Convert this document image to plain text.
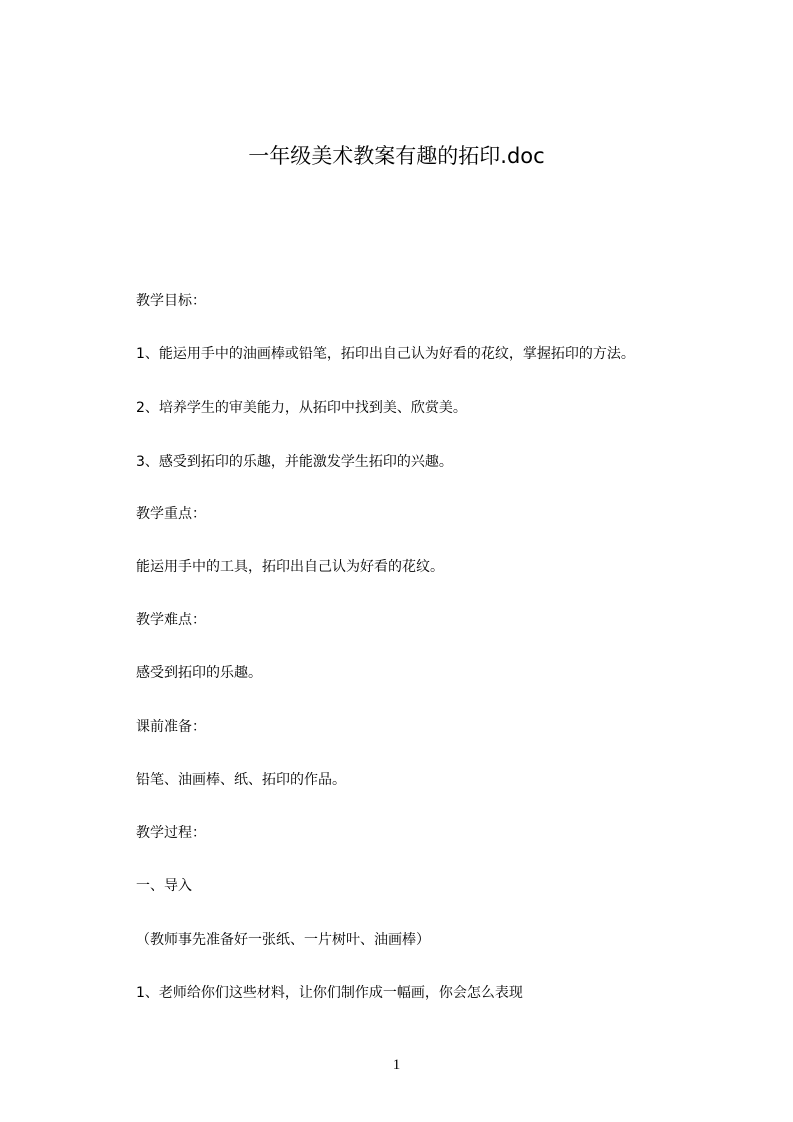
一年级美术教案有趣的拓印.doc
教学目标：
1、能运用手中的油画棒或铅笔，拓印出自己认为好看的花纹，掌握拓印的方法。
2、培养学生的审美能力，从拓印中找到美、欣赏美。
3、感受到拓印的乐趣，并能激发学生拓印的兴趣。
教学重点：
能运用手中的工具，拓印出自己认为好看的花纹。
教学难点：
感受到拓印的乐趣。
课前准备：
铅笔、油画棒、纸、拓印的作品。
教学过程：
一、导入
（教师事先准备好一张纸、一片树叶、油画棒）
1、老师给你们这些材料，让你们制作成一幅画，你会怎么表现
1
